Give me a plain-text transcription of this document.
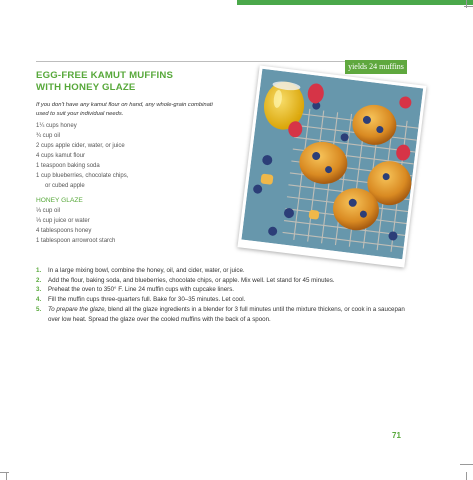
yields 24 muffins
EGG-FREE KAMUT MUFFINS
WITH HONEY GLAZE
If you don't have any kamut flour on hand, any whole-grain combinati
used to suit your individual needs.
1¼ cups honey
¾ cup oil
2 cups apple cider, water, or juice
4 cups kamut flour
1 teaspoon baking soda
1 cup blueberries, chocolate chips,
or cubed apple
HONEY GLAZE
⅓ cup oil
⅓ cup juice or water
4 tablespoons honey
1 tablespoon arrowroot starch
1. In a large mixing bowl, combine the honey, oil, and cider, water, or juice.
2. Add the flour, baking soda, and blueberries, chocolate chips, or apple. Mix well. Let stand for 45 minutes.
3. Preheat the oven to 350° F. Line 24 muffin cups with cupcake liners.
4. Fill the muffin cups three-quarters full. Bake for 30–35 minutes. Let cool.
5. To prepare the glaze, blend all the glaze ingredients in a blender for 3 full minutes until the mixture thickens, or cook in a saucepan over low heat. Spread the glaze over the cooled muffins with the back of a spoon.
71
